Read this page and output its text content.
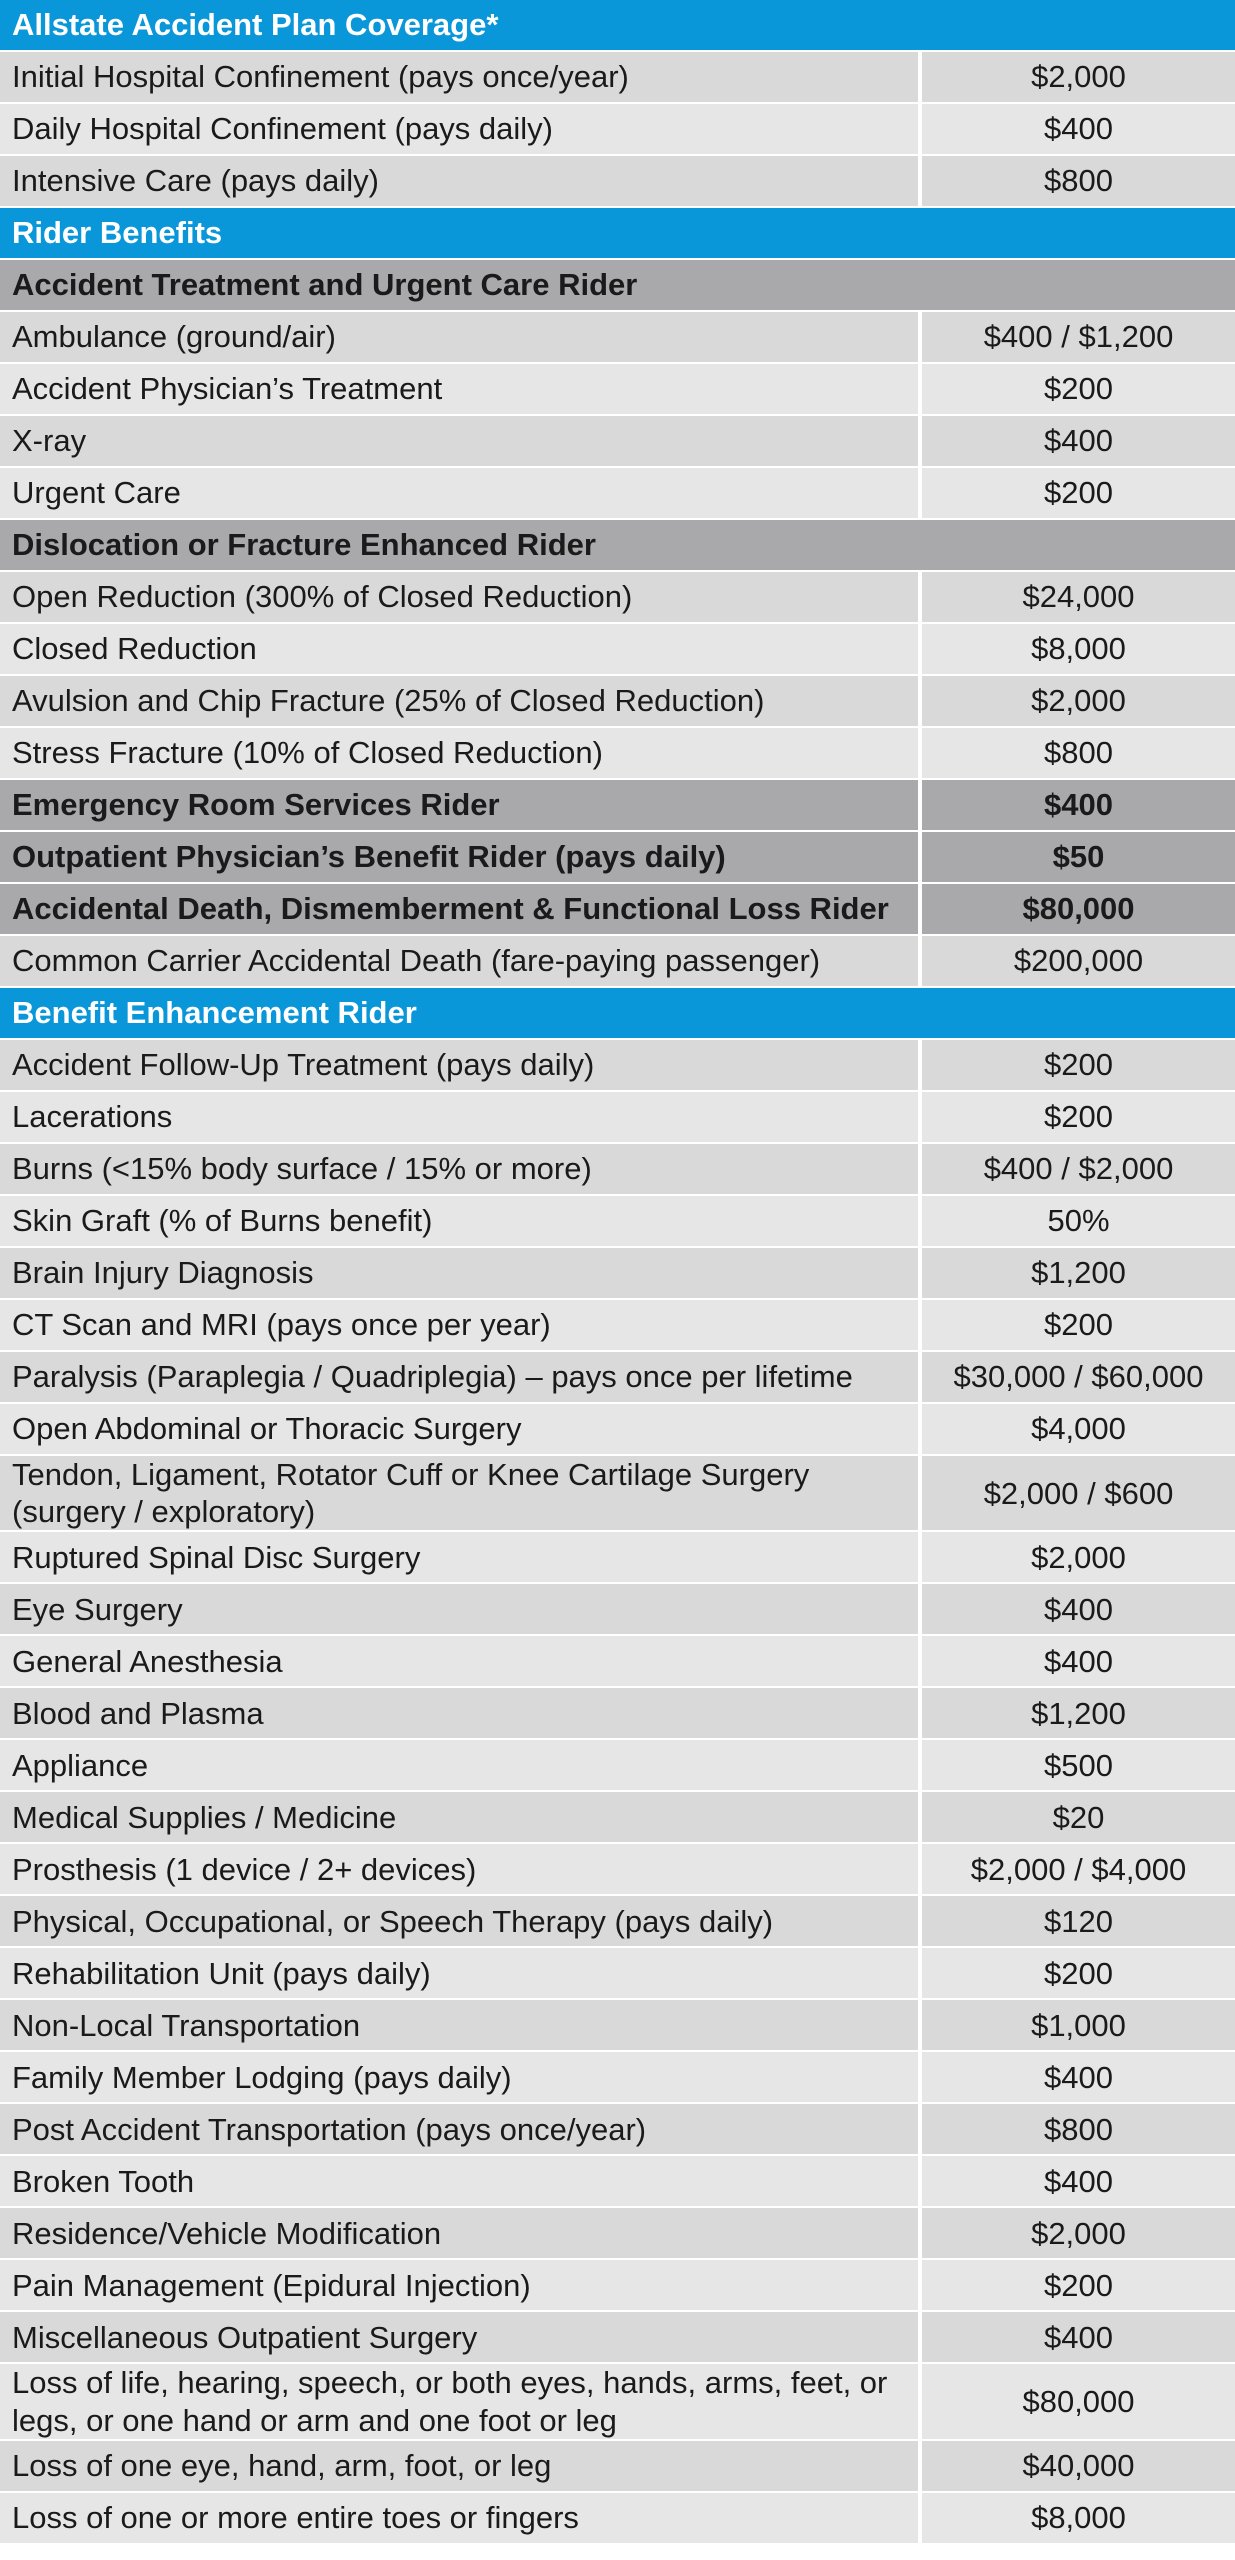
Allstate Accident Plan Coverage*	
Initial Hospital Confinement (pays once/year)	$2,000
Daily Hospital Confinement (pays daily)	$400
Intensive Care (pays daily)	$800
Rider Benefits	
Accident Treatment and Urgent Care Rider	
Ambulance (ground/air)	$400 / $1,200
Accident Physician’s Treatment	$200
X-ray	$400
Urgent Care	$200
Dislocation or Fracture Enhanced Rider	
Open Reduction (300% of Closed Reduction)	$24,000
Closed Reduction	$8,000
Avulsion and Chip Fracture (25% of Closed Reduction)	$2,000
Stress Fracture (10% of Closed Reduction)	$800
Emergency Room Services Rider	$400
Outpatient Physician’s Benefit Rider (pays daily)	$50
Accidental Death, Dismemberment & Functional Loss Rider	$80,000
Common Carrier Accidental Death (fare-paying passenger)	$200,000
Benefit Enhancement Rider	
Accident Follow-Up Treatment (pays daily)	$200
Lacerations	$200
Burns (<15% body surface / 15% or more)	$400 / $2,000
Skin Graft (% of Burns benefit)	50%
Brain Injury Diagnosis	$1,200
CT Scan and MRI (pays once per year)	$200
Paralysis (Paraplegia / Quadriplegia) – pays once per lifetime	$30,000 / $60,000
Open Abdominal or Thoracic Surgery	$4,000
Tendon, Ligament, Rotator Cuff or Knee Cartilage Surgery (surgery / exploratory)	$2,000 / $600
Ruptured Spinal Disc Surgery	$2,000
Eye Surgery	$400
General Anesthesia	$400
Blood and Plasma	$1,200
Appliance	$500
Medical Supplies / Medicine	$20
Prosthesis (1 device / 2+ devices)	$2,000 / $4,000
Physical, Occupational, or Speech Therapy (pays daily)	$120
Rehabilitation Unit (pays daily)	$200
Non-Local Transportation	$1,000
Family Member Lodging (pays daily)	$400
Post Accident Transportation (pays once/year)	$800
Broken Tooth	$400
Residence/Vehicle Modification	$2,000
Pain Management (Epidural Injection)	$200
Miscellaneous Outpatient Surgery	$400
Loss of life, hearing, speech, or both eyes, hands, arms, feet, or legs, or one hand or arm and one foot or leg	$80,000
Loss of one eye, hand, arm, foot, or leg	$40,000
Loss of one or more entire toes or fingers	$8,000
